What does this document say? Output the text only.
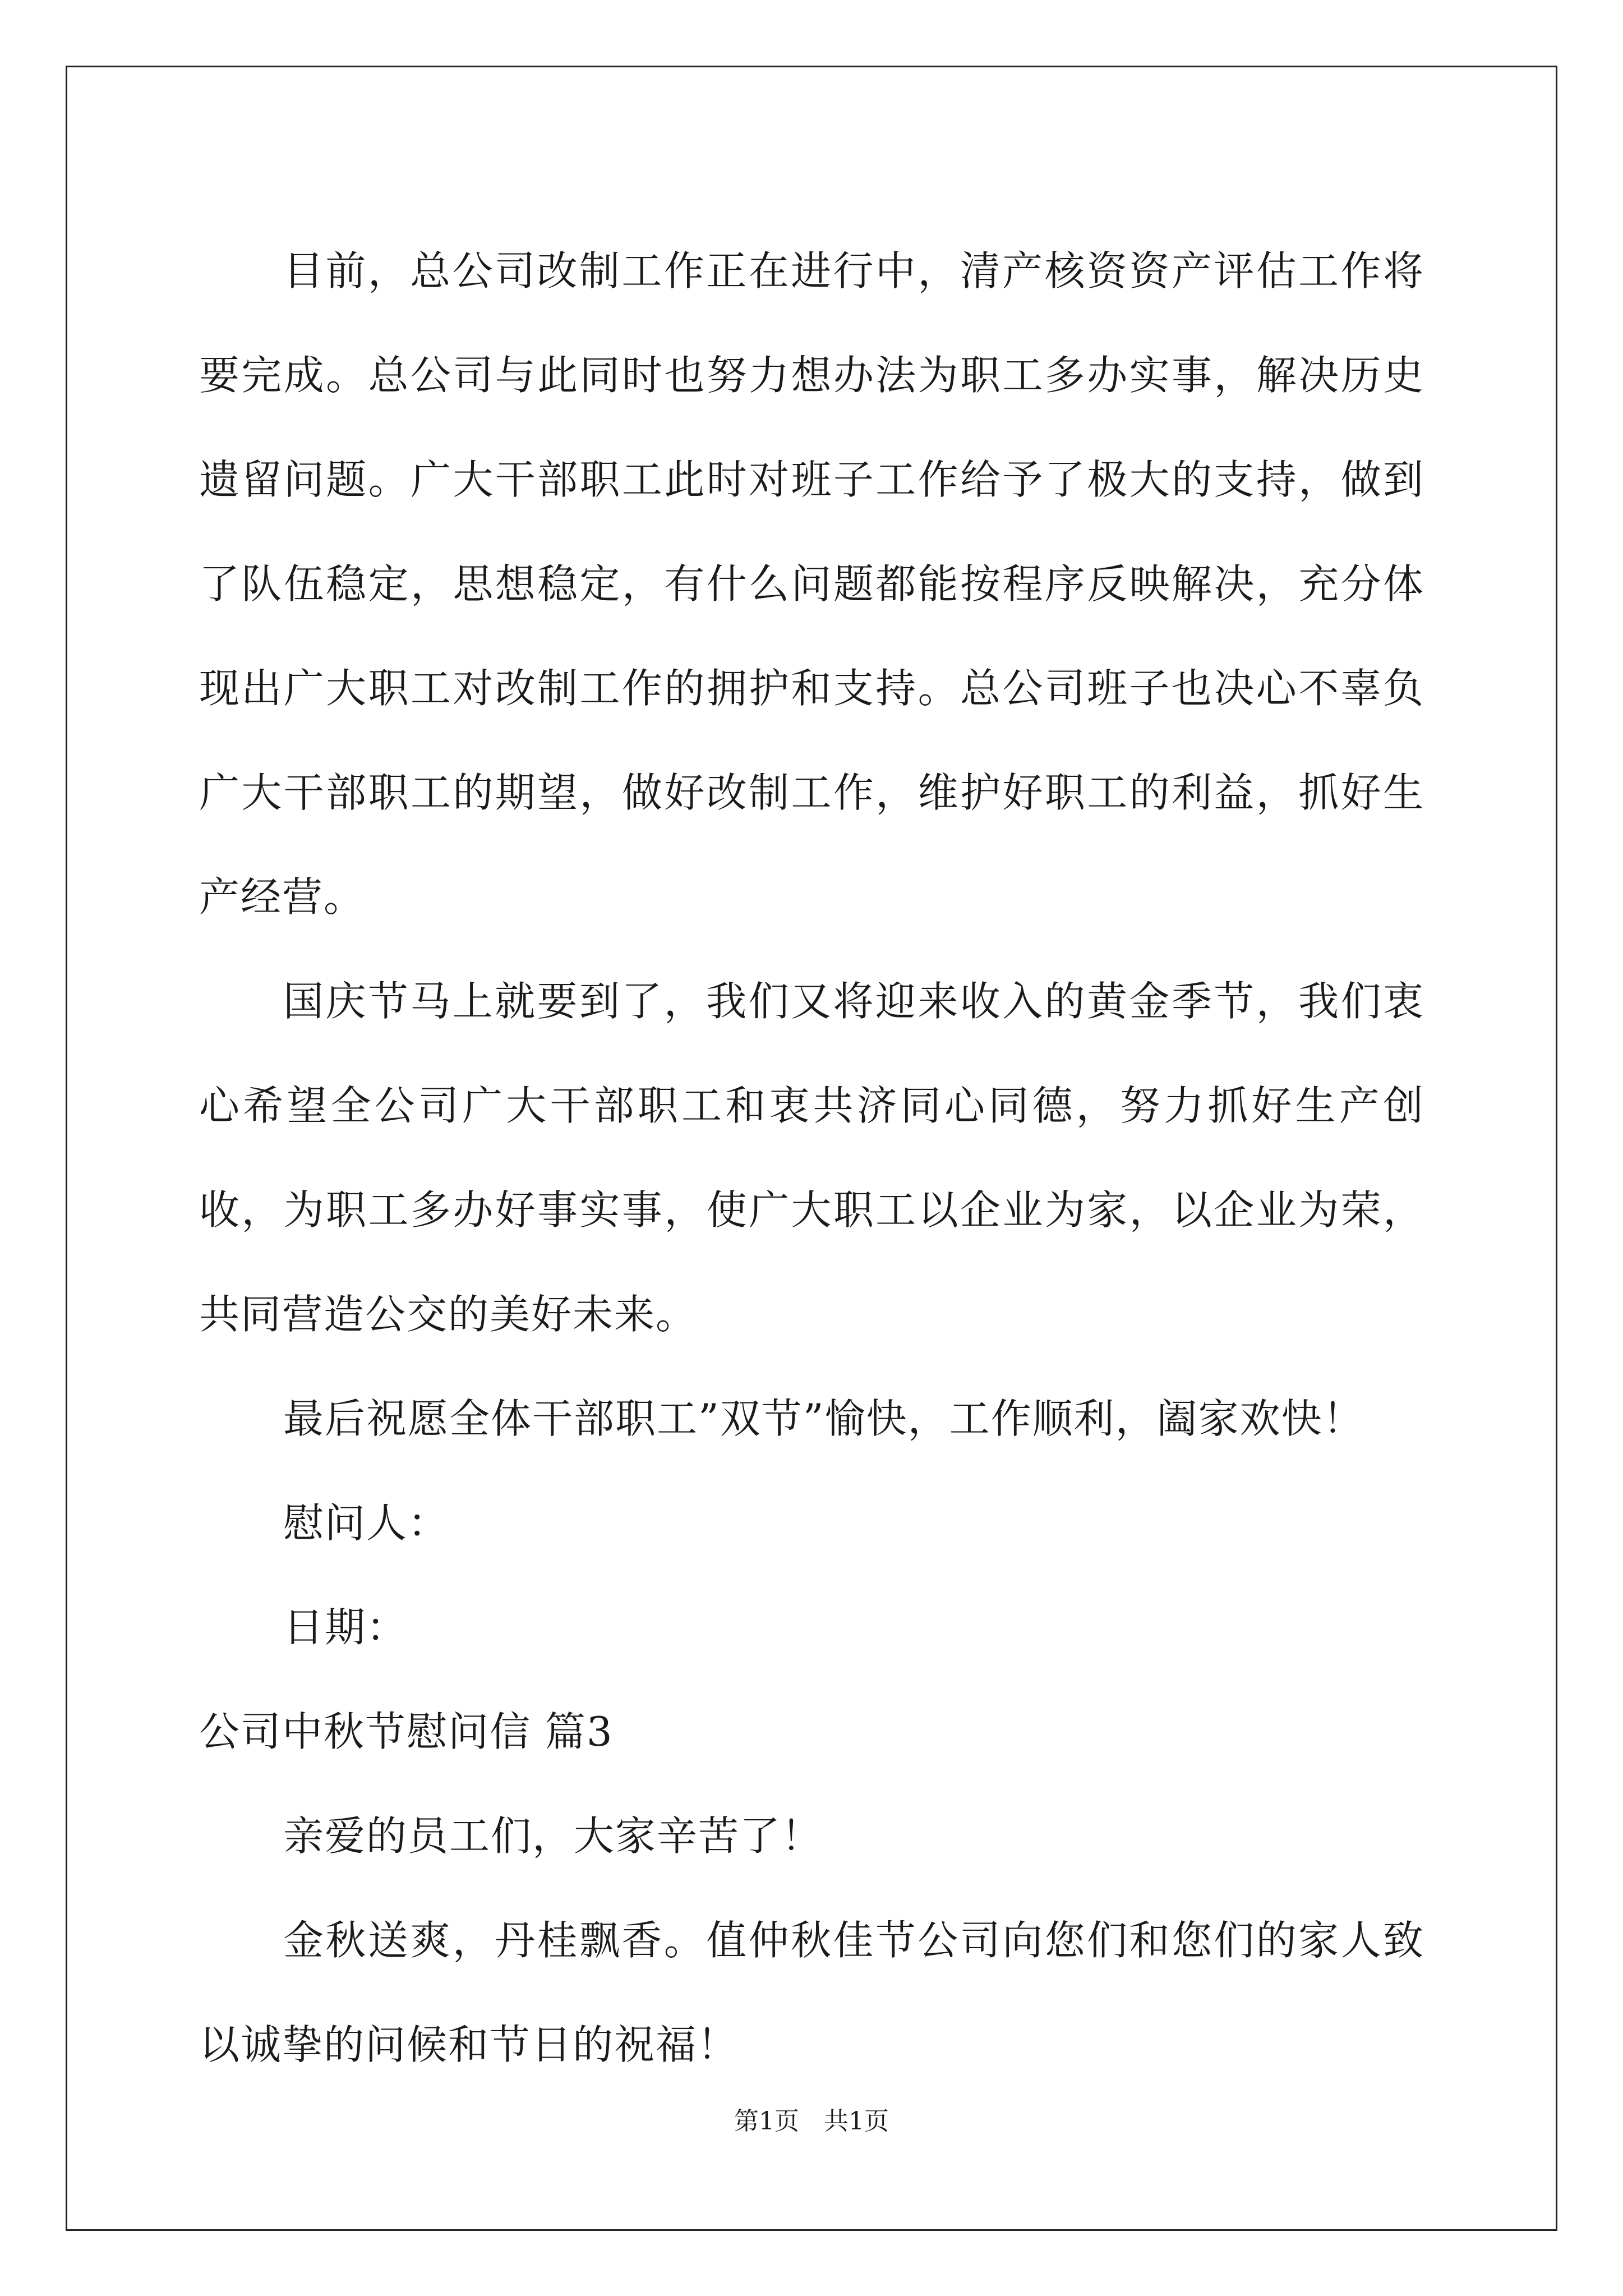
目前，总公司改制工作正在进行中，清产核资资产评估工作将要完成。总公司与此同时也努力想办法为职工多办实事，解决历史遗留问题。广大干部职工此时对班子工作给予了极大的支持，做到了队伍稳定，思想稳定，有什么问题都能按程序反映解决，充分体现出广大职工对改制工作的拥护和支持。总公司班子也决心不辜负广大干部职工的期望，做好改制工作，维护好职工的利益，抓好生产经营。

国庆节马上就要到了，我们又将迎来收入的黄金季节，我们衷心希望全公司广大干部职工和衷共济同心同德，努力抓好生产创收，为职工多办好事实事，使广大职工以企业为家，以企业为荣，共同营造公交的美好未来。

最后祝愿全体干部职工”双节”愉快，工作顺利，阖家欢快！

慰问人：

日期：

公司中秋节慰问信 篇3

亲爱的员工们，大家辛苦了！

金秋送爽，丹桂飘香。值仲秋佳节公司向您们和您们的家人致以诚挚的问候和节日的祝福！

第1页　共1页
